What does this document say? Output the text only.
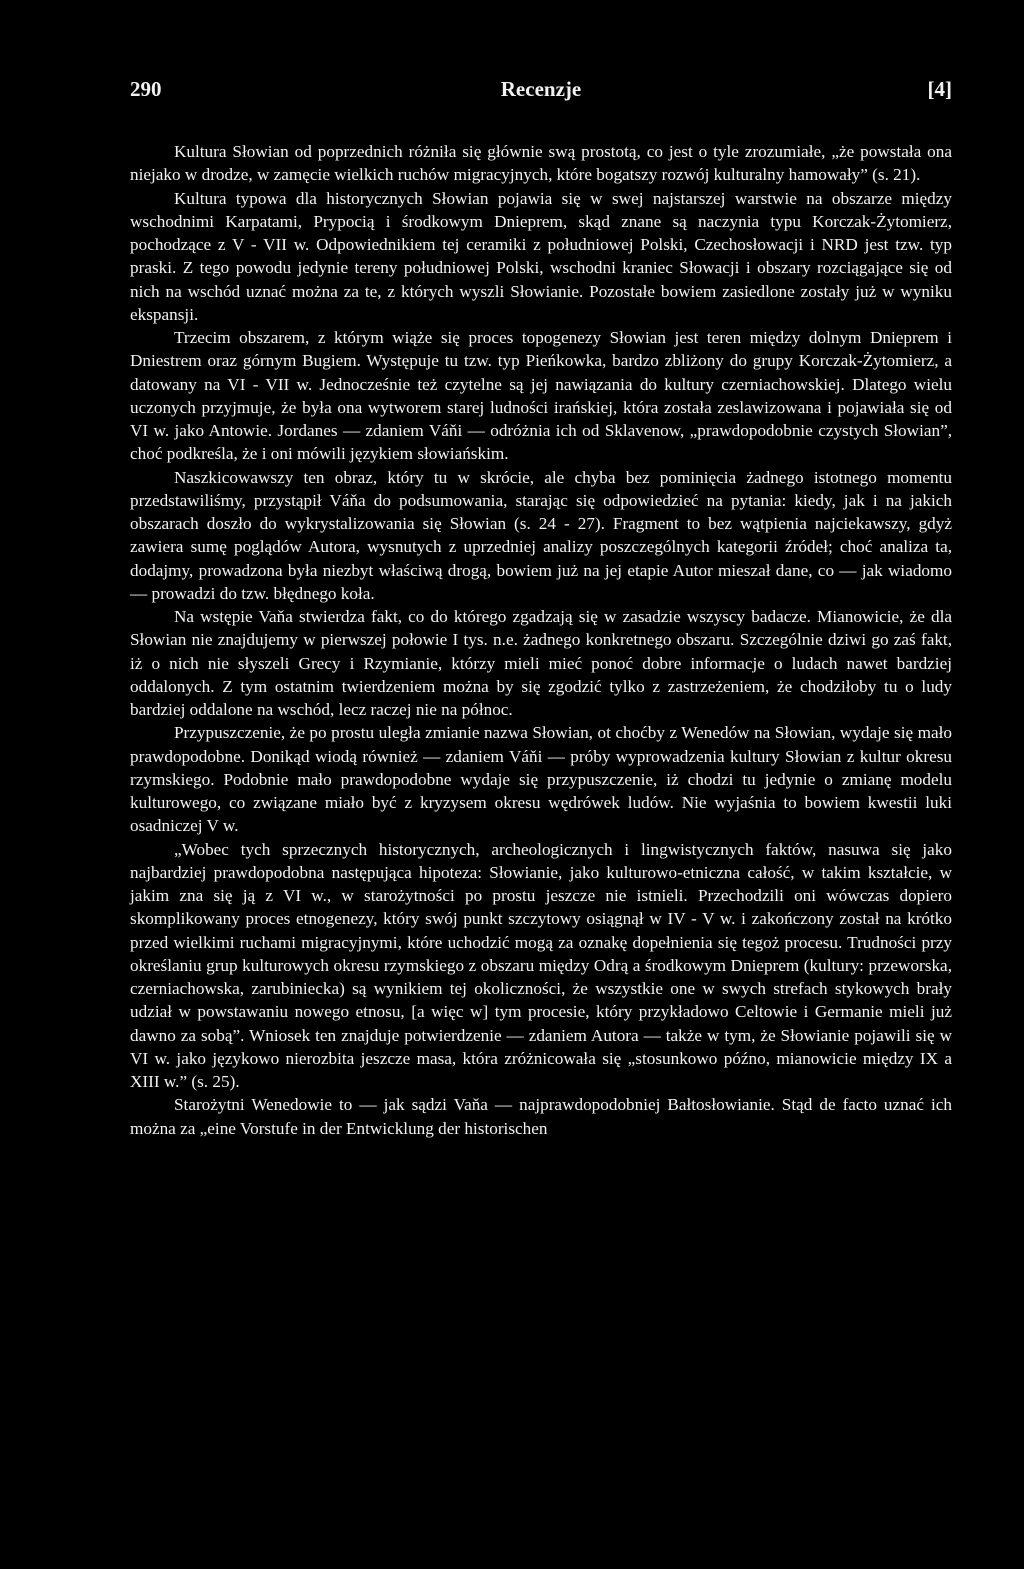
290	Recenzje	[4]

Kultura Słowian od poprzednich różniła się głównie swą prostotą, co jest o tyle zrozumiałe, „że powstała ona niejako w drodze, w zamęcie wielkich ruchów migracyjnych, które bogatszy rozwój kulturalny hamowały” (s. 21).

Kultura typowa dla historycznych Słowian pojawia się w swej najstarszej warstwie na obszarze między wschodnimi Karpatami, Prypocią i środkowym Dnieprem, skąd znane są naczynia typu Korczak-Żytomierz, pochodzące z V - VII w. Odpowiednikiem tej ceramiki z południowej Polski, Czechosłowacji i NRD jest tzw. typ praski. Z tego powodu jedynie tereny południowej Polski, wschodni kraniec Słowacji i obszary rozciągające się od nich na wschód uznać można za te, z których wyszli Słowianie. Pozostałe bowiem zasiedlone zostały już w wyniku ekspansji.

Trzecim obszarem, z którym wiąże się proces topogenezy Słowian jest teren między dolnym Dnieprem i Dniestrem oraz górnym Bugiem. Występuje tu tzw. typ Pieńkowka, bardzo zbliżony do grupy Korczak-Żytomierz, a datowany na VI - VII w. Jednocześnie też czytelne są jej nawiązania do kultury czerniachowskiej. Dlatego wielu uczonych przyjmuje, że była ona wytworem starej ludności irańskiej, która została zeslawizowana i pojawiała się od VI w. jako Antowie. Jordanes — zdaniem Váňi — odróżnia ich od Sklavenow, „prawdopodobnie czystych Słowian”, choć podkreśla, że i oni mówili językiem słowiańskim.

Naszkicowawszy ten obraz, który tu w skrócie, ale chyba bez pominięcia żadnego istotnego momentu przedstawiliśmy, przystąpił Váňa do podsumowania, starając się odpowiedzieć na pytania: kiedy, jak i na jakich obszarach doszło do wykrystalizowania się Słowian (s. 24 - 27). Fragment to bez wątpienia najciekawszy, gdyż zawiera sumę poglądów Autora, wysnutych z uprzedniej analizy poszczególnych kategorii źródeł; choć analiza ta, dodajmy, prowadzona była niezbyt właściwą drogą, bowiem już na jej etapie Autor mieszał dane, co — jak wiadomo — prowadzi do tzw. błędnego koła.

Na wstępie Vaňa stwierdza fakt, co do którego zgadzają się w zasadzie wszyscy badacze. Mianowicie, że dla Słowian nie znajdujemy w pierwszej połowie I tys. n.e. żadnego konkretnego obszaru. Szczególnie dziwi go zaś fakt, iż o nich nie słyszeli Grecy i Rzymianie, którzy mieli mieć ponoć dobre informacje o ludach nawet bardziej oddalonych. Z tym ostatnim twierdzeniem można by się zgodzić tylko z zastrzeżeniem, że chodziłoby tu o ludy bardziej oddalone na wschód, lecz raczej nie na północ.

Przypuszczenie, że po prostu uległa zmianie nazwa Słowian, ot choćby z Wenedów na Słowian, wydaje się mało prawdopodobne. Donikąd wiodą również — zdaniem Váňi — próby wyprowadzenia kultury Słowian z kultur okresu rzymskiego. Podobnie mało prawdopodobne wydaje się przypuszczenie, iż chodzi tu jedynie o zmianę modelu kulturowego, co związane miało być z kryzysem okresu wędrówek ludów. Nie wyjaśnia to bowiem kwestii luki osadniczej V w.

„Wobec tych sprzecznych historycznych, archeologicznych i lingwistycznych faktów, nasuwa się jako najbardziej prawdopodobna następująca hipoteza: Słowianie, jako kulturowo-etniczna całość, w takim kształcie, w jakim zna się ją z VI w., w starożytności po prostu jeszcze nie istnieli. Przechodzili oni wówczas dopiero skomplikowany proces etnogenezy, który swój punkt szczytowy osiągnął w IV - V w. i zakończony został na krótko przed wielkimi ruchami migracyjnymi, które uchodzić mogą za oznakę dopełnienia się tegoż procesu. Trudności przy określaniu grup kulturowych okresu rzymskiego z obszaru między Odrą a środkowym Dnieprem (kultury: przeworska, czerniachowska, zarubiniecka) są wynikiem tej okoliczności, że wszystkie one w swych strefach stykowych brały udział w powstawaniu nowego etnosu, [a więc w] tym procesie, który przykładowo Celtowie i Germanie mieli już dawno za sobą”. Wniosek ten znajduje potwierdzenie — zdaniem Autora — także w tym, że Słowianie pojawili się w VI w. jako językowo nierozbita jeszcze masa, która zróżnicowała się „stosunkowo późno, mianowicie między IX a XIII w.” (s. 25).

Starożytni Wenedowie to — jak sądzi Vaňa — najprawdopodobniej Bałtosłowianie. Stąd de facto uznać ich można za „eine Vorstufe in der Entwicklung der historischen
